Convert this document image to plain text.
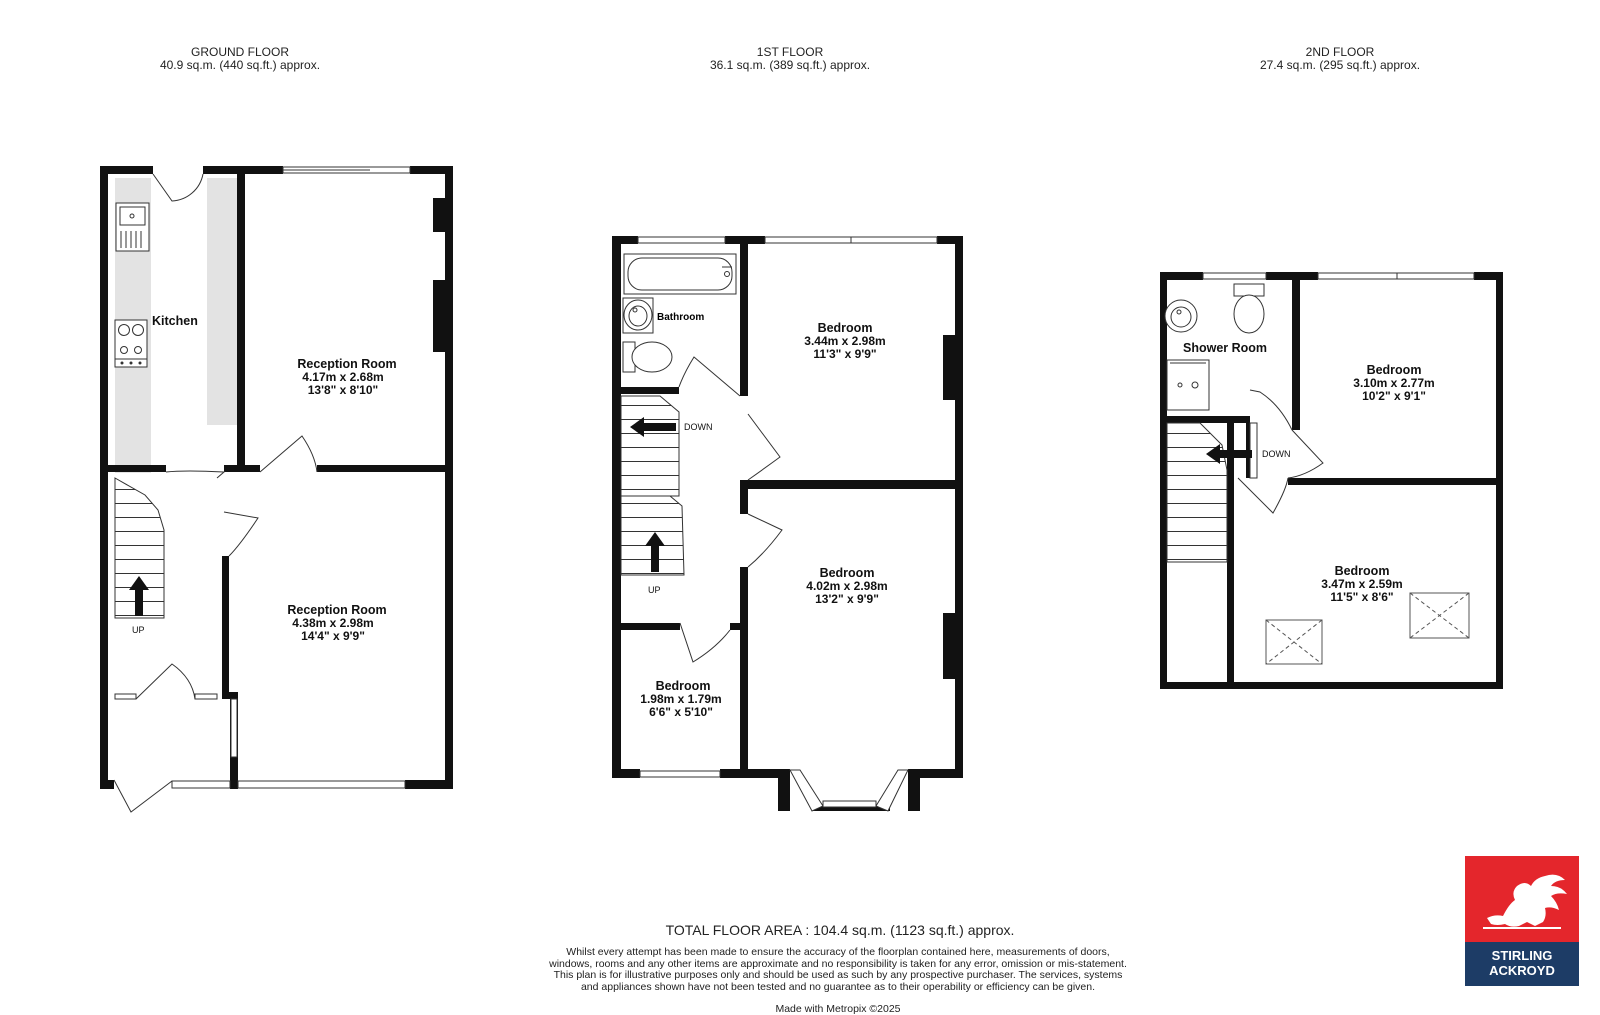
GROUND FLOOR
40.9 sq.m. (440 sq.ft.) approx.
1ST FLOOR
36.1 sq.m. (389 sq.ft.) approx.
2ND FLOOR
27.4 sq.m. (295 sq.ft.) approx.
UP
Kitchen
Reception Room
4.17m x 2.68m
13'8" x 8'10"
Reception Room
4.38m x 2.98m
14'4" x 9'9"
Bathroom
DOWN
UP
Bedroom
3.44m x 2.98m
11'3" x 9'9"
Bedroom
4.02m x 2.98m
13'2" x 9'9"
Bedroom
1.98m x 1.79m
6'6" x 5'10"
Shower Room
DOWN
Bedroom
3.10m x 2.77m
10'2" x 9'1"
Bedroom
3.47m x 2.59m
11'5" x 8'6"
TOTAL FLOOR AREA : 104.4 sq.m. (1123 sq.ft.) approx.
Whilst every attempt has been made to ensure the accuracy of the floorplan contained here, measurements of doors, windows, rooms and any other items are approximate and no responsibility is taken for any error, omission or mis-statement. This plan is for illustrative purposes only and should be used as such by any prospective purchaser. The services, systems and appliances shown have not been tested and no guarantee as to their operability or efficiency can be given.
Made with Metropix ©2025
STIRLING
ACKROYD
